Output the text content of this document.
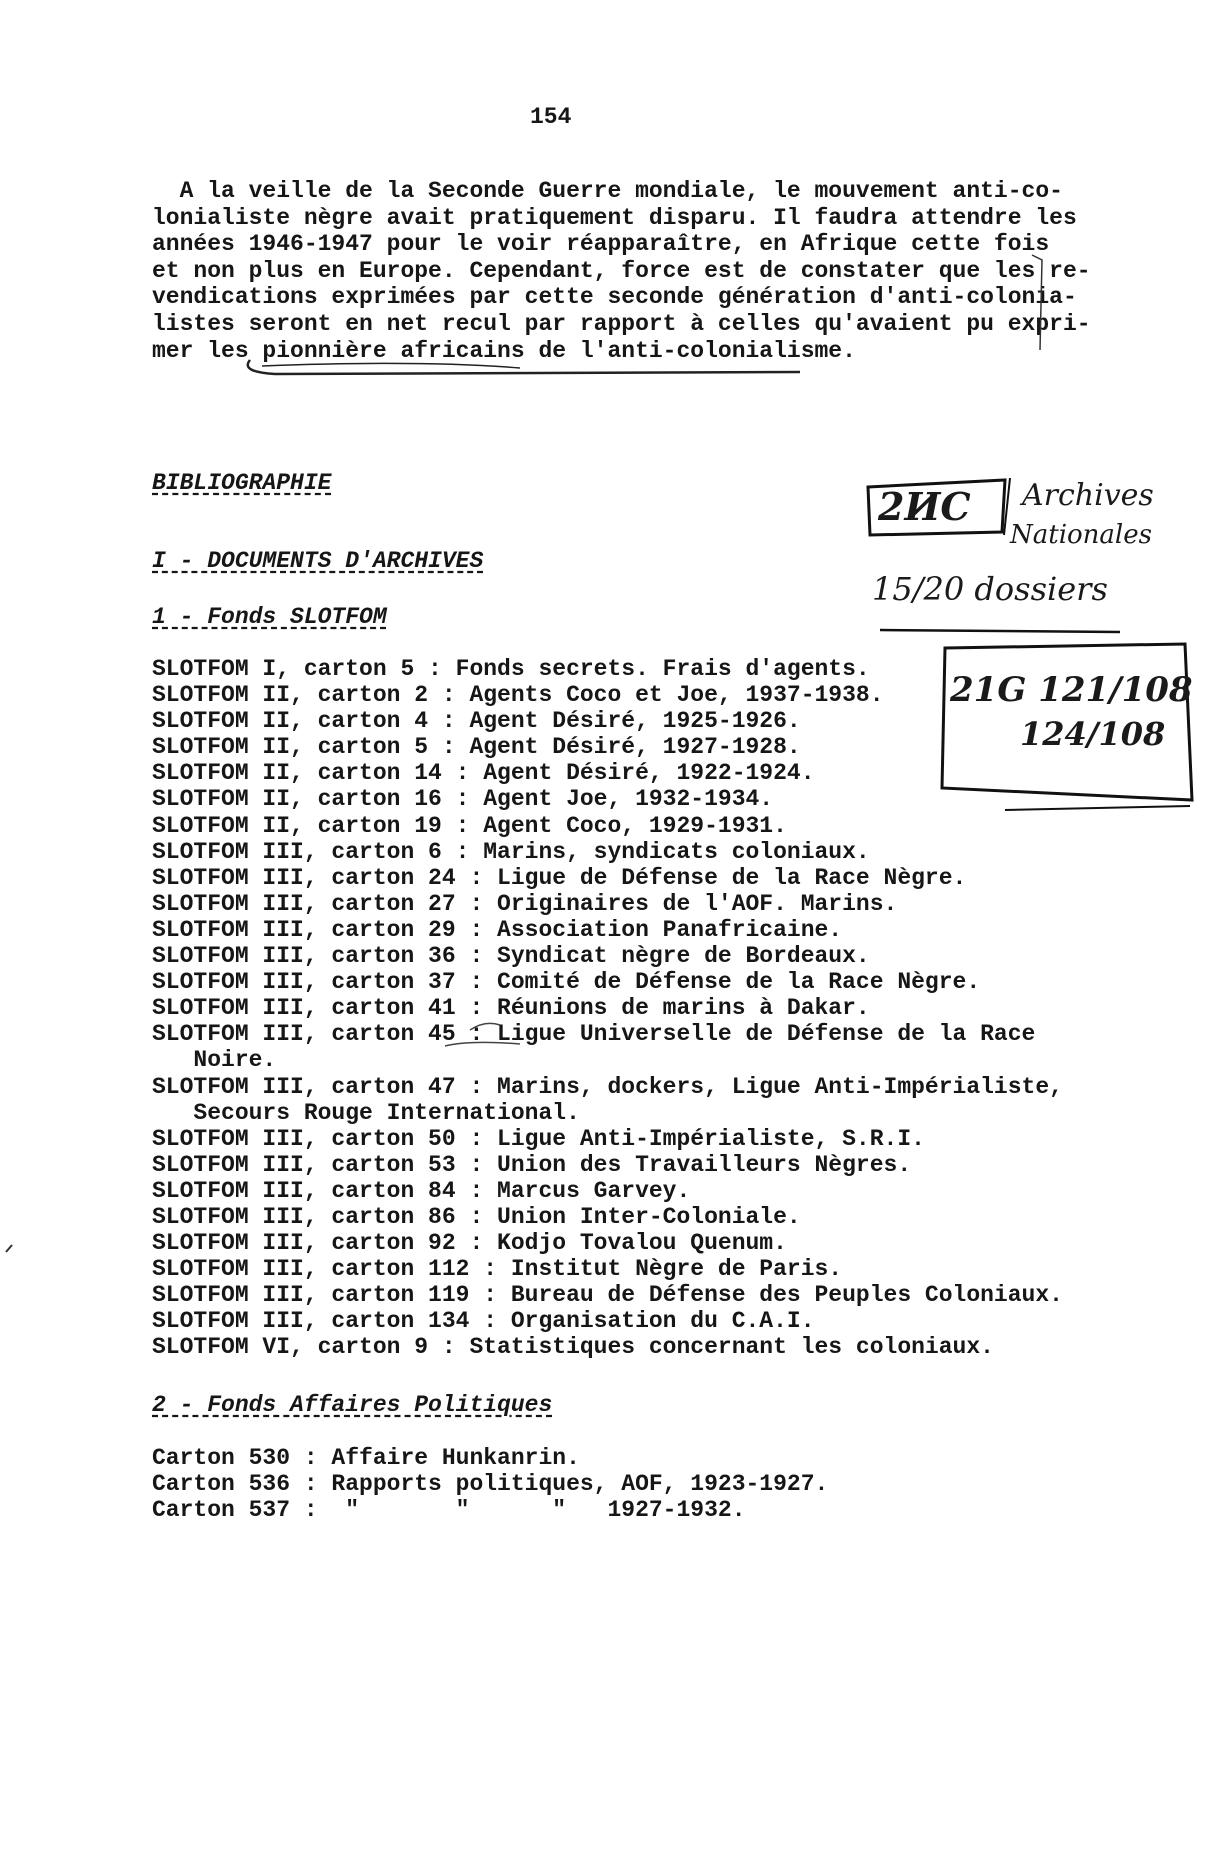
154
A la veille de la Seconde Guerre mondiale, le mouvement anti-co-
lonialiste nègre avait pratiquement disparu. Il faudra attendre les
années 1946-1947 pour le voir réapparaître, en Afrique cette fois
et non plus en Europe. Cependant, force est de constater que les re-
vendications exprimées par cette seconde génération d'anti-colonia-
listes seront en net recul par rapport à celles qu'avaient pu expri-
mer les pionnière africains de l'anti-colonialisme.
BIBLIOGRAPHIE
I - DOCUMENTS D'ARCHIVES
1 - Fonds SLOTFOM
SLOTFOM I, carton 5 : Fonds secrets. Frais d'agents.
SLOTFOM II, carton 2 : Agents Coco et Joe, 1937-1938.
SLOTFOM II, carton 4 : Agent Désiré, 1925-1926.
SLOTFOM II, carton 5 : Agent Désiré, 1927-1928.
SLOTFOM II, carton 14 : Agent Désiré, 1922-1924.
SLOTFOM II, carton 16 : Agent Joe, 1932-1934.
SLOTFOM II, carton 19 : Agent Coco, 1929-1931.
SLOTFOM III, carton 6 : Marins, syndicats coloniaux.
SLOTFOM III, carton 24 : Ligue de Défense de la Race Nègre.
SLOTFOM III, carton 27 : Originaires de l'AOF. Marins.
SLOTFOM III, carton 29 : Association Panafricaine.
SLOTFOM III, carton 36 : Syndicat nègre de Bordeaux.
SLOTFOM III, carton 37 : Comité de Défense de la Race Nègre.
SLOTFOM III, carton 41 : Réunions de marins à Dakar.
SLOTFOM III, carton 45 : Ligue Universelle de Défense de la Race
Noire.
SLOTFOM III, carton 47 : Marins, dockers, Ligue Anti-Impérialiste,
Secours Rouge International.
SLOTFOM III, carton 50 : Ligue Anti-Impérialiste, S.R.I.
SLOTFOM III, carton 53 : Union des Travailleurs Nègres.
SLOTFOM III, carton 84 : Marcus Garvey.
SLOTFOM III, carton 86 : Union Inter-Coloniale.
SLOTFOM III, carton 92 : Kodjo Tovalou Quenum.
SLOTFOM III, carton 112 : Institut Nègre de Paris.
SLOTFOM III, carton 119 : Bureau de Défense des Peuples Coloniaux.
SLOTFOM III, carton 134 : Organisation du C.A.I.
SLOTFOM VI, carton 9 : Statistiques concernant les coloniaux.
2 - Fonds Affaires Politiques
Carton 530 : Affaire Hunkanrin.
Carton 536 : Rapports politiques, AOF, 1923-1927.
Carton 537 :  "       "      "   1927-1932.
2ИC Archives
Nationales
15/20 dossiers
21G 121/108
124/108
